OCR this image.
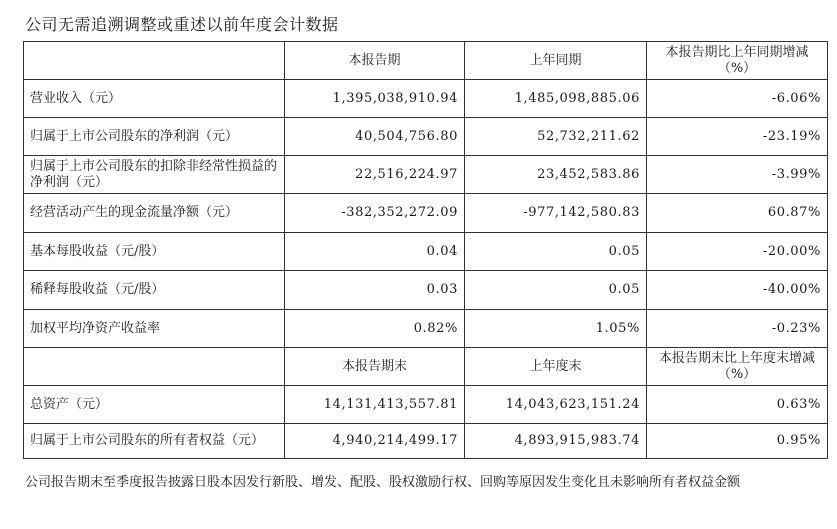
公司无需追溯调整或重述以前年度会计数据
	本报告期	上年同期	本报告期比上年同期增减（%）
营业收入（元）	1,395,038,910.94	1,485,098,885.06	-6.06%
归属于上市公司股东的净利润（元）	40,504,756.80	52,732,211.62	-23.19%
归属于上市公司股东的扣除非经常性损益的净利润（元）	22,516,224.97	23,452,583.86	-3.99%
经营活动产生的现金流量净额（元）	-382,352,272.09	-977,142,580.83	60.87%
基本每股收益（元/股）	0.04	0.05	-20.00%
稀释每股收益（元/股）	0.03	0.05	-40.00%
加权平均净资产收益率	0.82%	1.05%	-0.23%
	本报告期末	上年度末	本报告期末比上年度末增减（%）
总资产（元）	14,131,413,557.81	14,043,623,151.24	0.63%
归属于上市公司股东的所有者权益（元）	4,940,214,499.17	4,893,915,983.74	0.95%
公司报告期末至季度报告披露日股本因发行新股、增发、配股、股权激励行权、回购等原因发生变化且未影响所有者权益金额
